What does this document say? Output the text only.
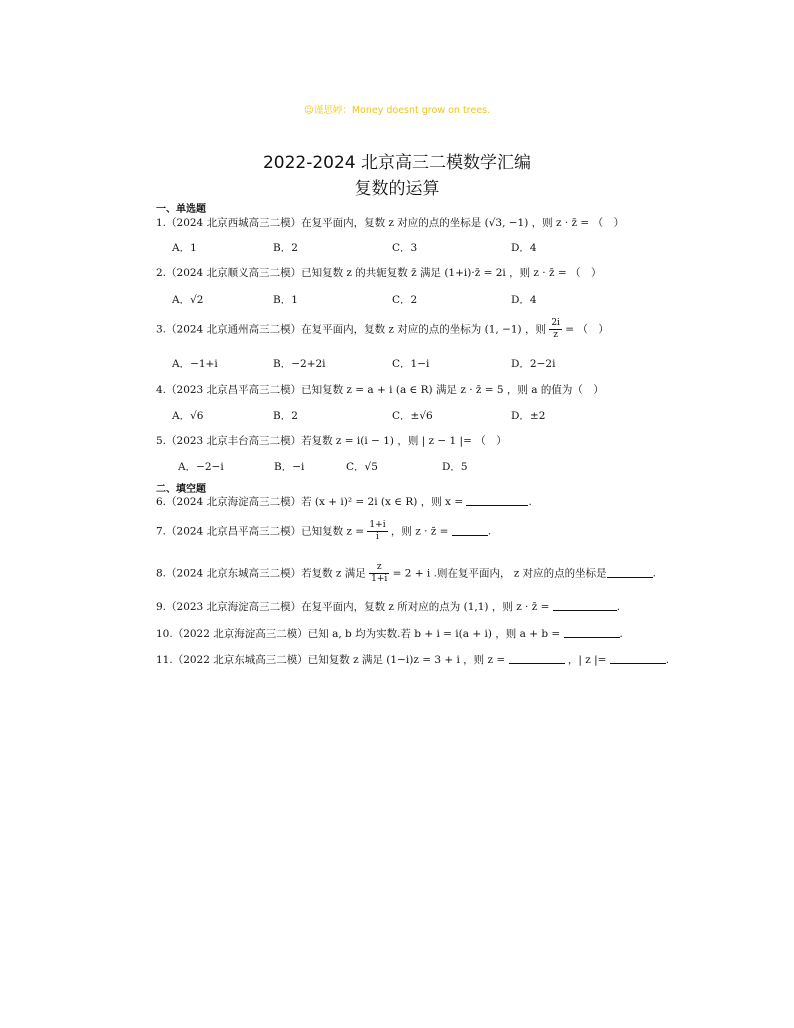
☺谨思婷：Money doesnt grow on trees.
2022-2024 北京高三二模数学汇编
复数的运算
一、单选题
1.（2024 北京西城高三二模）在复平面内，复数 z 对应的点的坐标是 (√3, −1) ，则 z · z̄ = （　）
A．1	B．2	C．3	D．4
2.（2024 北京顺义高三二模）已知复数 z 的共轭复数 z̄ 满足 (1+i)·z̄ = 2i ，则 z · z̄ = （　）
A．√2	B．1	C．2	D．4
3.（2024 北京通州高三二模）在复平面内，复数 z 对应的点的坐标为 (1, −1) ，则 $\frac{2i}{z}$ = （　）
A．−1+i	B．−2+2i	C．1−i	D．2−2i
4.（2023 北京昌平高三二模）已知复数 z = a + i (a ∈ R) 满足 z · z̄ = 5 ，则 a 的值为（　）
A．√6	B．2	C．±√6	D．±2
5.（2023 北京丰台高三二模）若复数 z = i(i − 1) ，则 | z − 1 |= （　）
A．−2−i	B．−i	C．√5	D．5
二、填空题
6.（2024 北京海淀高三二模）若 (x + i)² = 2i (x ∈ R) ，则 x =	.
7.（2024 北京昌平高三二模）已知复数 $z = \frac{1+i}{i}$ ，则 z · z̄ =	.
8.（2024 北京东城高三二模）若复数 z 满足 $\frac{z}{1+i} = 2 + i$ .则在复平面内， z 对应的点的坐标是	.
9.（2023 北京海淀高三二模）在复平面内，复数 z 所对应的点为 (1,1) ，则 z · z̄ =	.
10.（2022 北京海淀高三二模）已知 a, b 均为实数.若 b + i = i(a + i) ，则 a + b =	.
11.（2022 北京东城高三二模）已知复数 z 满足 (1−i)z = 3 + i ，则 z =	，| z |=	.
